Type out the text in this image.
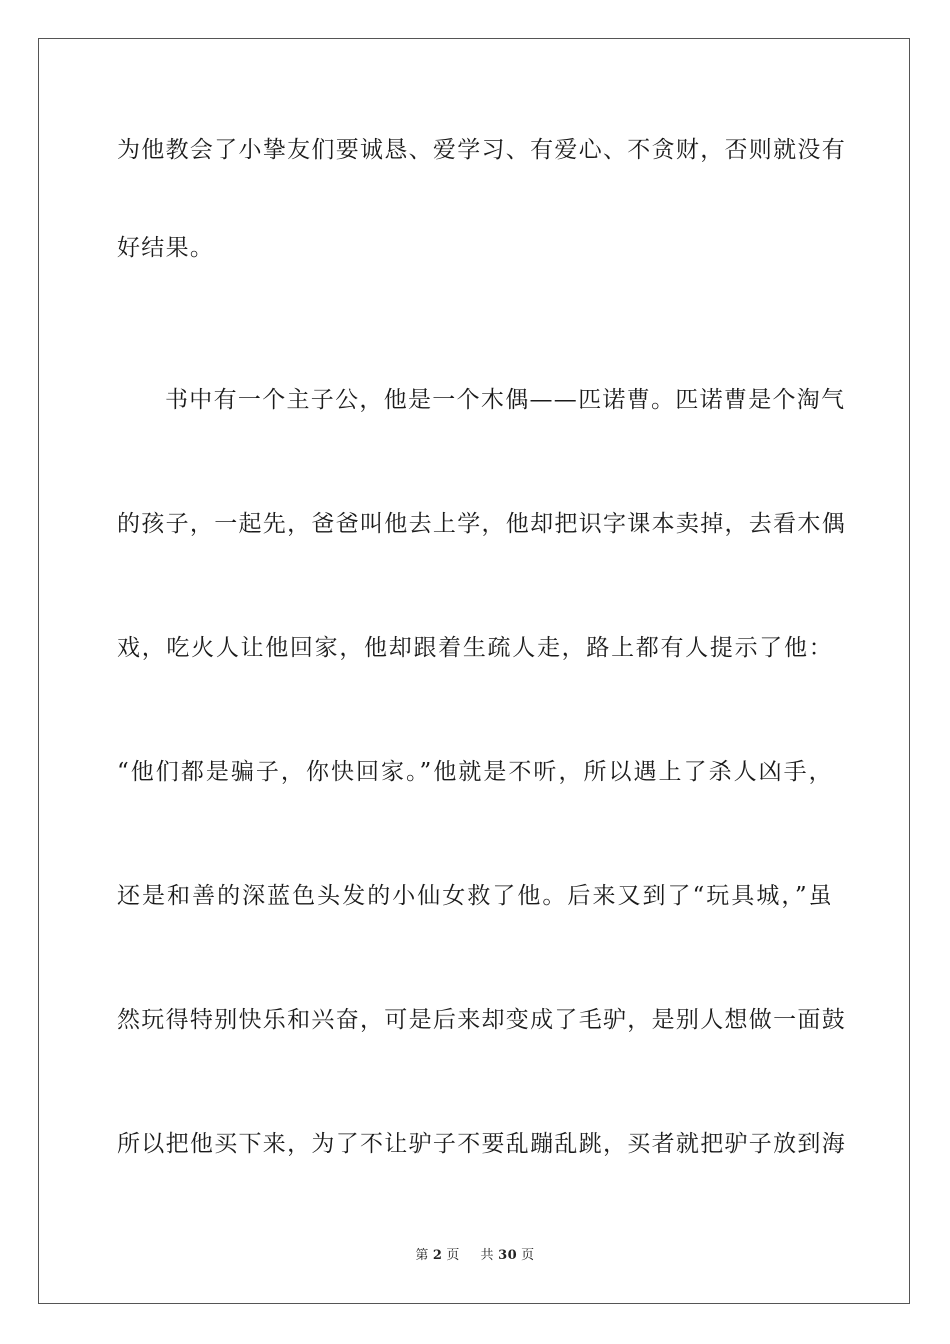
为他教会了小挚友们要诚恳、爱学习、有爱心、不贪财，否则就没有
好结果。
书中有一个主子公，他是一个木偶——匹诺曹。匹诺曹是个淘气
的孩子，一起先，爸爸叫他去上学，他却把识字课本卖掉，去看木偶
戏，吃火人让他回家，他却跟着生疏人走，路上都有人提示了他：
“他们都是骗子，你快回家。”他就是不听，所以遇上了杀人凶手，
还是和善的深蓝色头发的小仙女救了他。后来又到了“玩具城，”虽
然玩得特别快乐和兴奋，可是后来却变成了毛驴，是别人想做一面鼓
所以把他买下来，为了不让驴子不要乱蹦乱跳，买者就把驴子放到海
第 2 页 共 30 页
